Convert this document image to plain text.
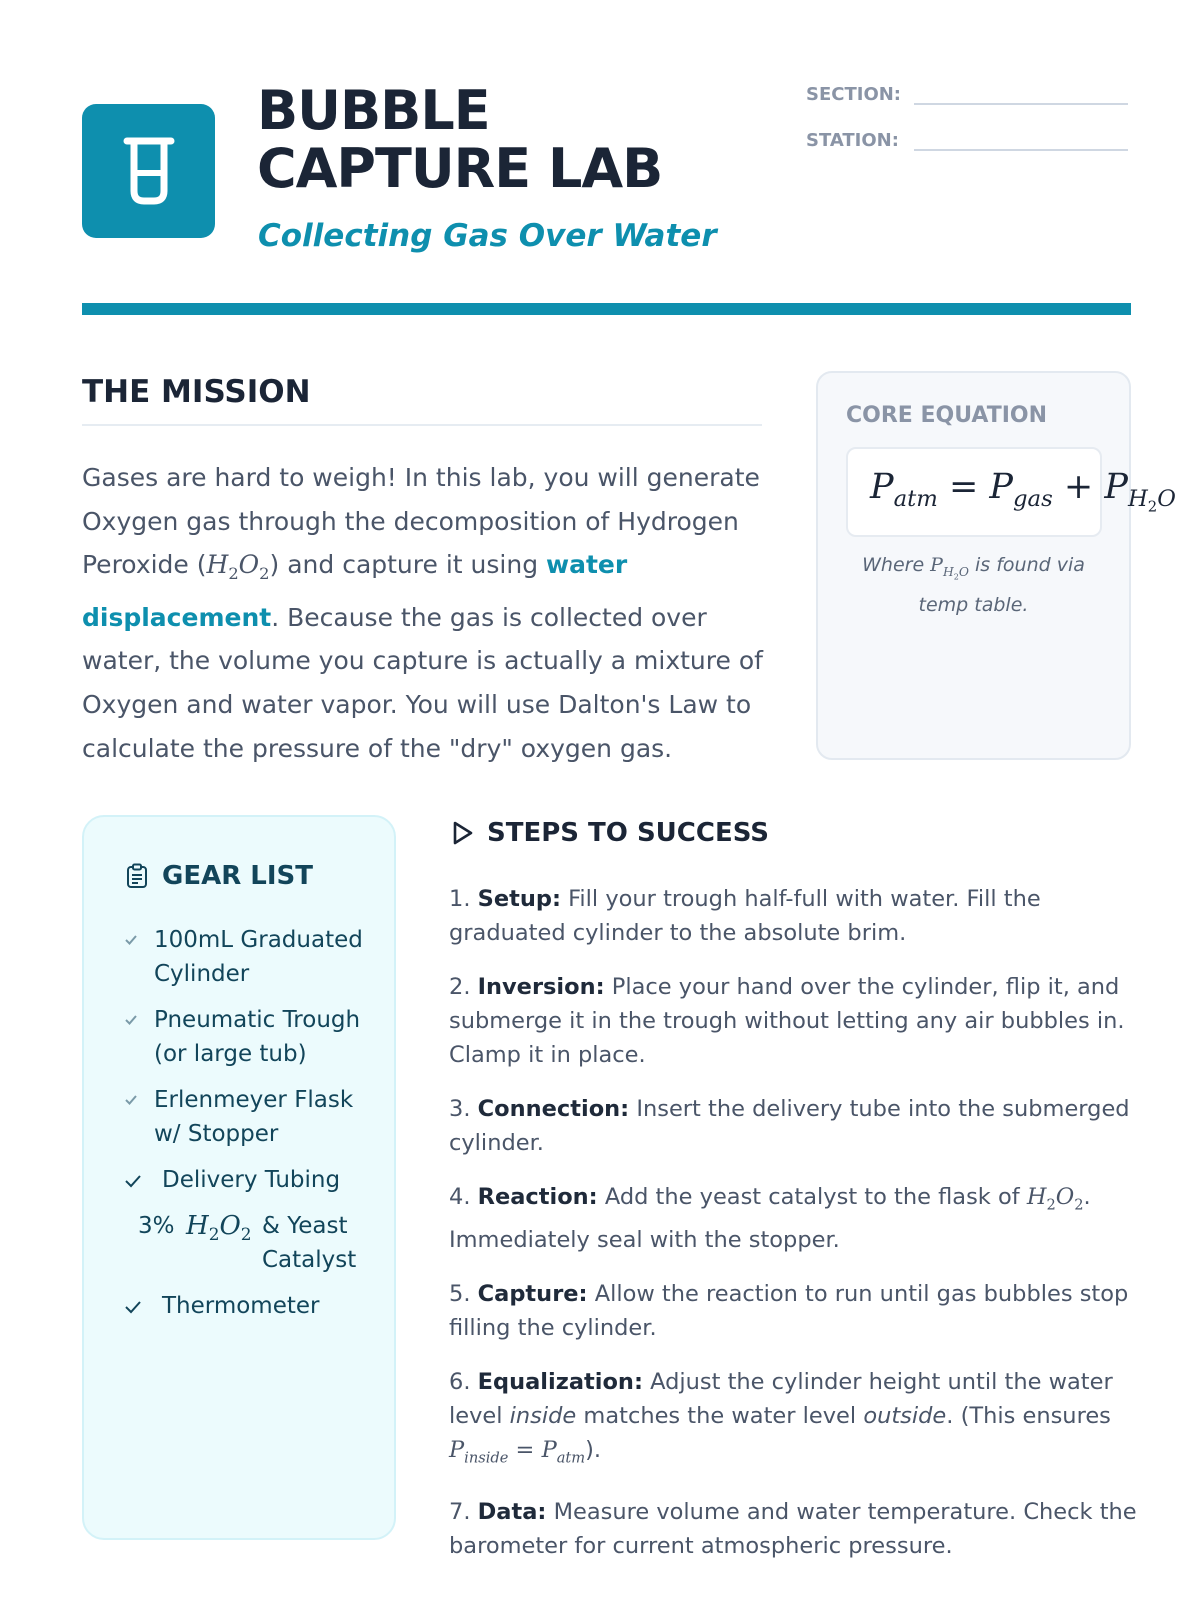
BUBBLE
CAPTURE LAB
Collecting Gas Over Water
SECTION:
STATION:
THE MISSION

Gases are hard to weigh! In this lab, you will generate Oxygen gas through the decomposition of Hydrogen Peroxide $(H_2O_2)$ and capture it using water displacement. Because the gas is collected over water, the volume you capture is actually a mixture of Oxygen and water vapor. You will use Dalton's Law to calculate the pressure of the "dry" oxygen gas.

CORE EQUATION
$P_{atm} = P_{gas} + P_{H_2O}$
Where $P_{H_2O}$ is found via temp table.
GEAR LIST
100mL Graduated Cylinder
Pneumatic Trough (or large tub)
Erlenmeyer Flask w/ Stopper
Delivery Tubing
3% $H_2O_2$ & Yeast Catalyst
Thermometer
STEPS TO SUCCESS
1. Setup: Fill your trough half-full with water. Fill the graduated cylinder to the absolute brim.
2. Inversion: Place your hand over the cylinder, flip it, and submerge it in the trough without letting any air bubbles in. Clamp it in place.
3. Connection: Insert the delivery tube into the submerged cylinder.
4. Reaction: Add the yeast catalyst to the flask of $H_2O_2$. Immediately seal with the stopper.
5. Capture: Allow the reaction to run until gas bubbles stop filling the cylinder.
6. Equalization: Adjust the cylinder height until the water level inside matches the water level outside. (This ensures $P_{inside} = P_{atm}$).
7. Data: Measure volume and water temperature. Check the barometer for current atmospheric pressure.
